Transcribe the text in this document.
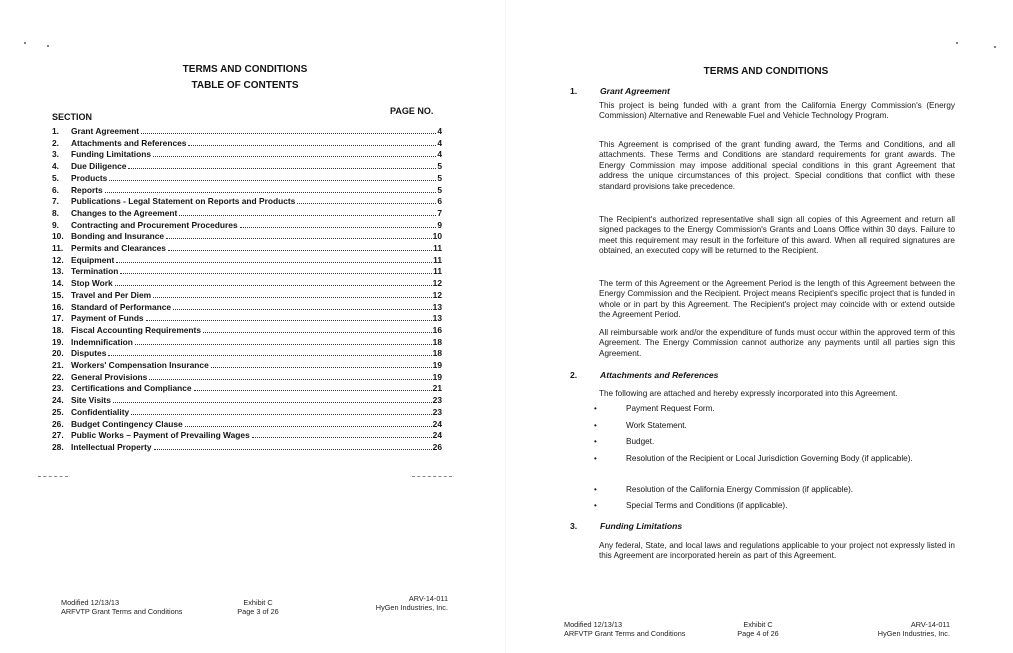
TERMS AND CONDITIONS
TABLE OF CONTENTS
SECTION
PAGE NO.
1.	Grant Agreement	4
2.	Attachments and References	4
3.	Funding Limitations	4
4.	Due Diligence	5
5.	Products	5
6.	Reports	5
7.	Publications - Legal Statement on Reports and Products	6
8.	Changes to the Agreement	7
9.	Contracting and Procurement Procedures	9
10. Bonding and Insurance	10
11. Permits and Clearances	11
12. Equipment	11
13. Termination	11
14. Stop Work	12
15. Travel and Per Diem	12
16. Standard of Performance	13
17. Payment of Funds	13
18. Fiscal Accounting Requirements	16
19. Indemnification	18
20. Disputes	18
21. Workers' Compensation Insurance	19
22. General Provisions	19
23. Certifications and Compliance	21
24. Site Visits	23
25. Confidentiality	23
26. Budget Contingency Clause	24
27. Public Works – Payment of Prevailing Wages	24
28. Intellectual Property	26
Modified 12/13/13
ARFVTP Grant Terms and Conditions
Exhibit C
Page 3 of 26
ARV-14-011
HyGen Industries, Inc.
TERMS AND CONDITIONS
1.	Grant Agreement
This project is being funded with a grant from the California Energy Commission's (Energy Commission) Alternative and Renewable Fuel and Vehicle Technology Program.
This Agreement is comprised of the grant funding award, the Terms and Conditions, and all attachments. These Terms and Conditions are standard requirements for grant awards. The Energy Commission may impose additional special conditions in this grant Agreement that address the unique circumstances of this project. Special conditions that conflict with these standard provisions take precedence.
The Recipient's authorized representative shall sign all copies of this Agreement and return all signed packages to the Energy Commission's Grants and Loans Office within 30 days. Failure to meet this requirement may result in the forfeiture of this award. When all required signatures are obtained, an executed copy will be returned to the Recipient.
The term of this Agreement or the Agreement Period is the length of this Agreement between the Energy Commission and the Recipient. Project means Recipient's specific project that is funded in whole or in part by this Agreement. The Recipient's project may coincide with or extend outside the Agreement Period.
All reimbursable work and/or the expenditure of funds must occur within the approved term of this Agreement. The Energy Commission cannot authorize any payments until all parties sign this Agreement.
2.	Attachments and References
The following are attached and hereby expressly incorporated into this Agreement.
•	Payment Request Form.
•	Work Statement.
•	Budget.
•	Resolution of the Recipient or Local Jurisdiction Governing Body (if applicable).
•	Resolution of the California Energy Commission (if applicable).
•	Special Terms and Conditions (if applicable).
3.	Funding Limitations
Any federal, State, and local laws and regulations applicable to your project not expressly listed in this Agreement are incorporated herein as part of this Agreement.
Modified 12/13/13
ARFVTP Grant Terms and Conditions
Exhibit C
Page 4 of 26
ARV-14-011
HyGen Industries, Inc.
